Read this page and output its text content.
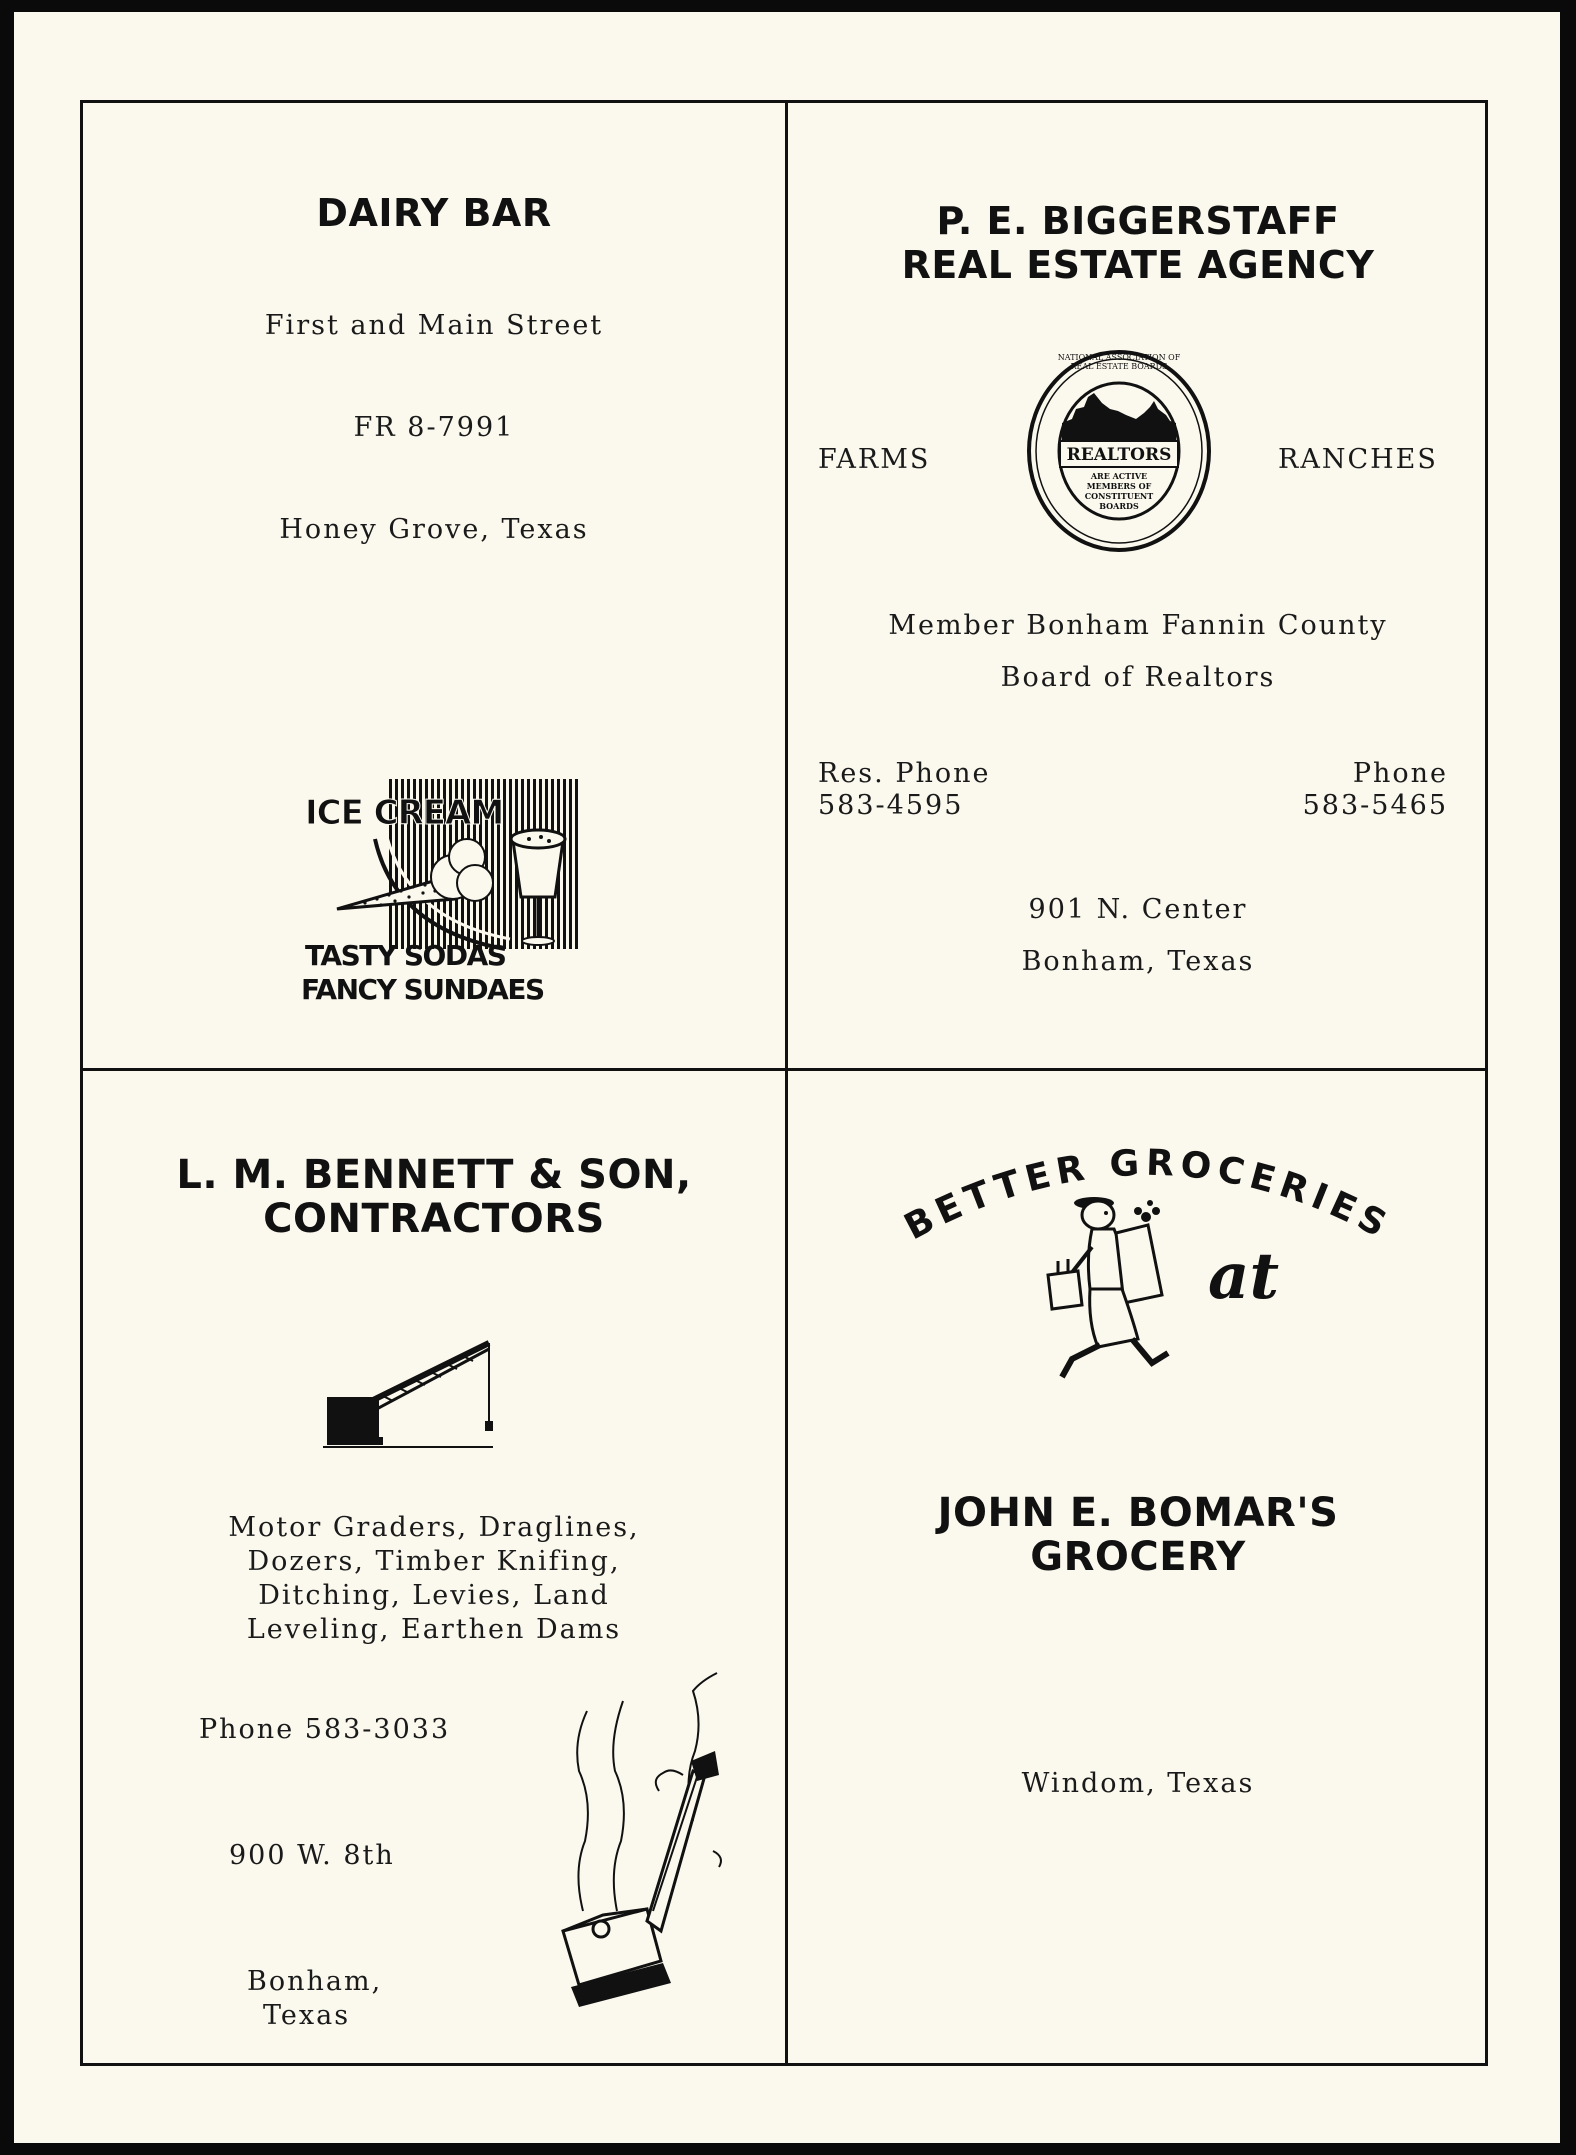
DAIRY BAR
First and Main Street
FR 8-7991
Honey Grove, Texas
ICE CREAM
TASTY SODAS
FANCY SUNDAES
P. E. BIGGERSTAFF
REAL ESTATE AGENCY
FARMS	RANCHES
NATIONAL ASSOCIATION OF REAL ESTATE BOARDS
REALTORS
ARE ACTIVE MEMBERS OF CONSTITUENT BOARDS
Member Bonham Fannin County
Board of Realtors
Res. Phone
583-4595
Phone
583-5465
901 N. Center
Bonham, Texas
L. M. BENNETT & SON,
CONTRACTORS
Motor Graders, Draglines,
Dozers, Timber Knifing,
Ditching, Levies, Land
Leveling, Earthen Dams
Phone 583-3033
900 W. 8th
Bonham,
Texas
BETTER GROCERIES
at
JOHN E. BOMAR'S
GROCERY
Windom, Texas
